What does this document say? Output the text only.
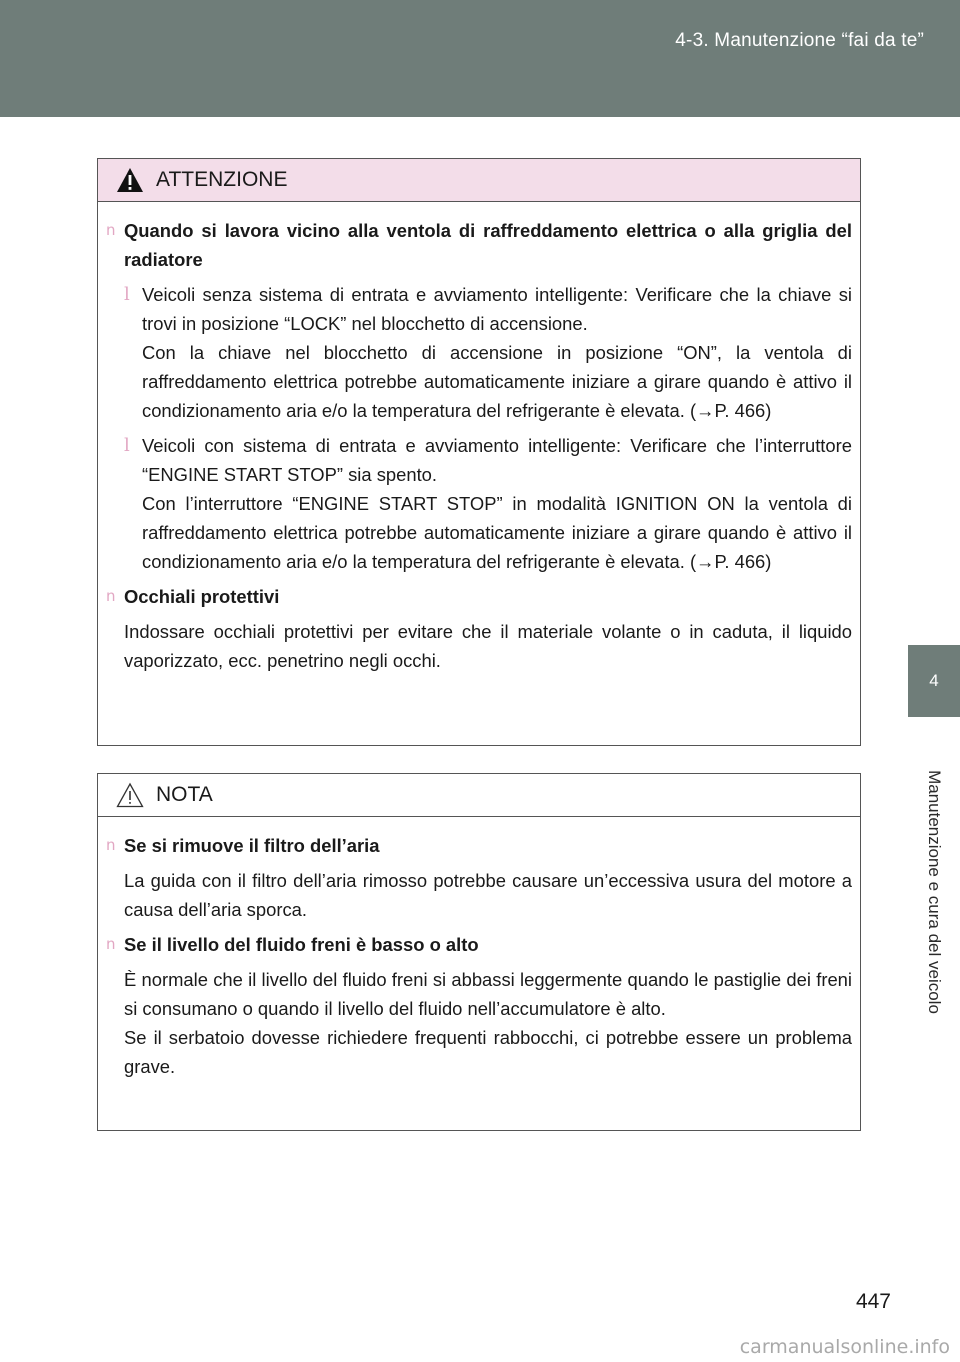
4-3. Manutenzione “fai da te”
4
Manutenzione e cura del veicolo
ATTENZIONE
n Quando si lavora vicino alla ventola di raffreddamento elettrica o alla griglia del radiatore
l Veicoli senza sistema di entrata e avviamento intelligente: Verificare che la chiave si trovi in posizione “LOCK” nel blocchetto di accensione.
Con la chiave nel blocchetto di accensione in posizione “ON”, la ventola di raffreddamento elettrica potrebbe automaticamente iniziare a girare quando è attivo il condizionamento aria e/o la temperatura del refrigerante è elevata. (→P. 466)
l Veicoli con sistema di entrata e avviamento intelligente: Verificare che l’interruttore “ENGINE START STOP” sia spento.
Con l’interruttore “ENGINE START STOP” in modalità IGNITION ON la ventola di raffreddamento elettrica potrebbe automaticamente iniziare a girare quando è attivo il condizionamento aria e/o la temperatura del refrigerante è elevata. (→P. 466)
n Occhiali protettivi
Indossare occhiali protettivi per evitare che il materiale volante o in caduta, il liquido vaporizzato, ecc. penetrino negli occhi.
NOTA
n Se si rimuove il filtro dell’aria
La guida con il filtro dell’aria rimosso potrebbe causare un’eccessiva usura del motore a causa dell’aria sporca.
n Se il livello del fluido freni è basso o alto
È normale che il livello del fluido freni si abbassi leggermente quando le pastiglie dei freni si consumano o quando il livello del fluido nell’accumulatore è alto.
Se il serbatoio dovesse richiedere frequenti rabbocchi, ci potrebbe essere un problema grave.
447
carmanualsonline.info
